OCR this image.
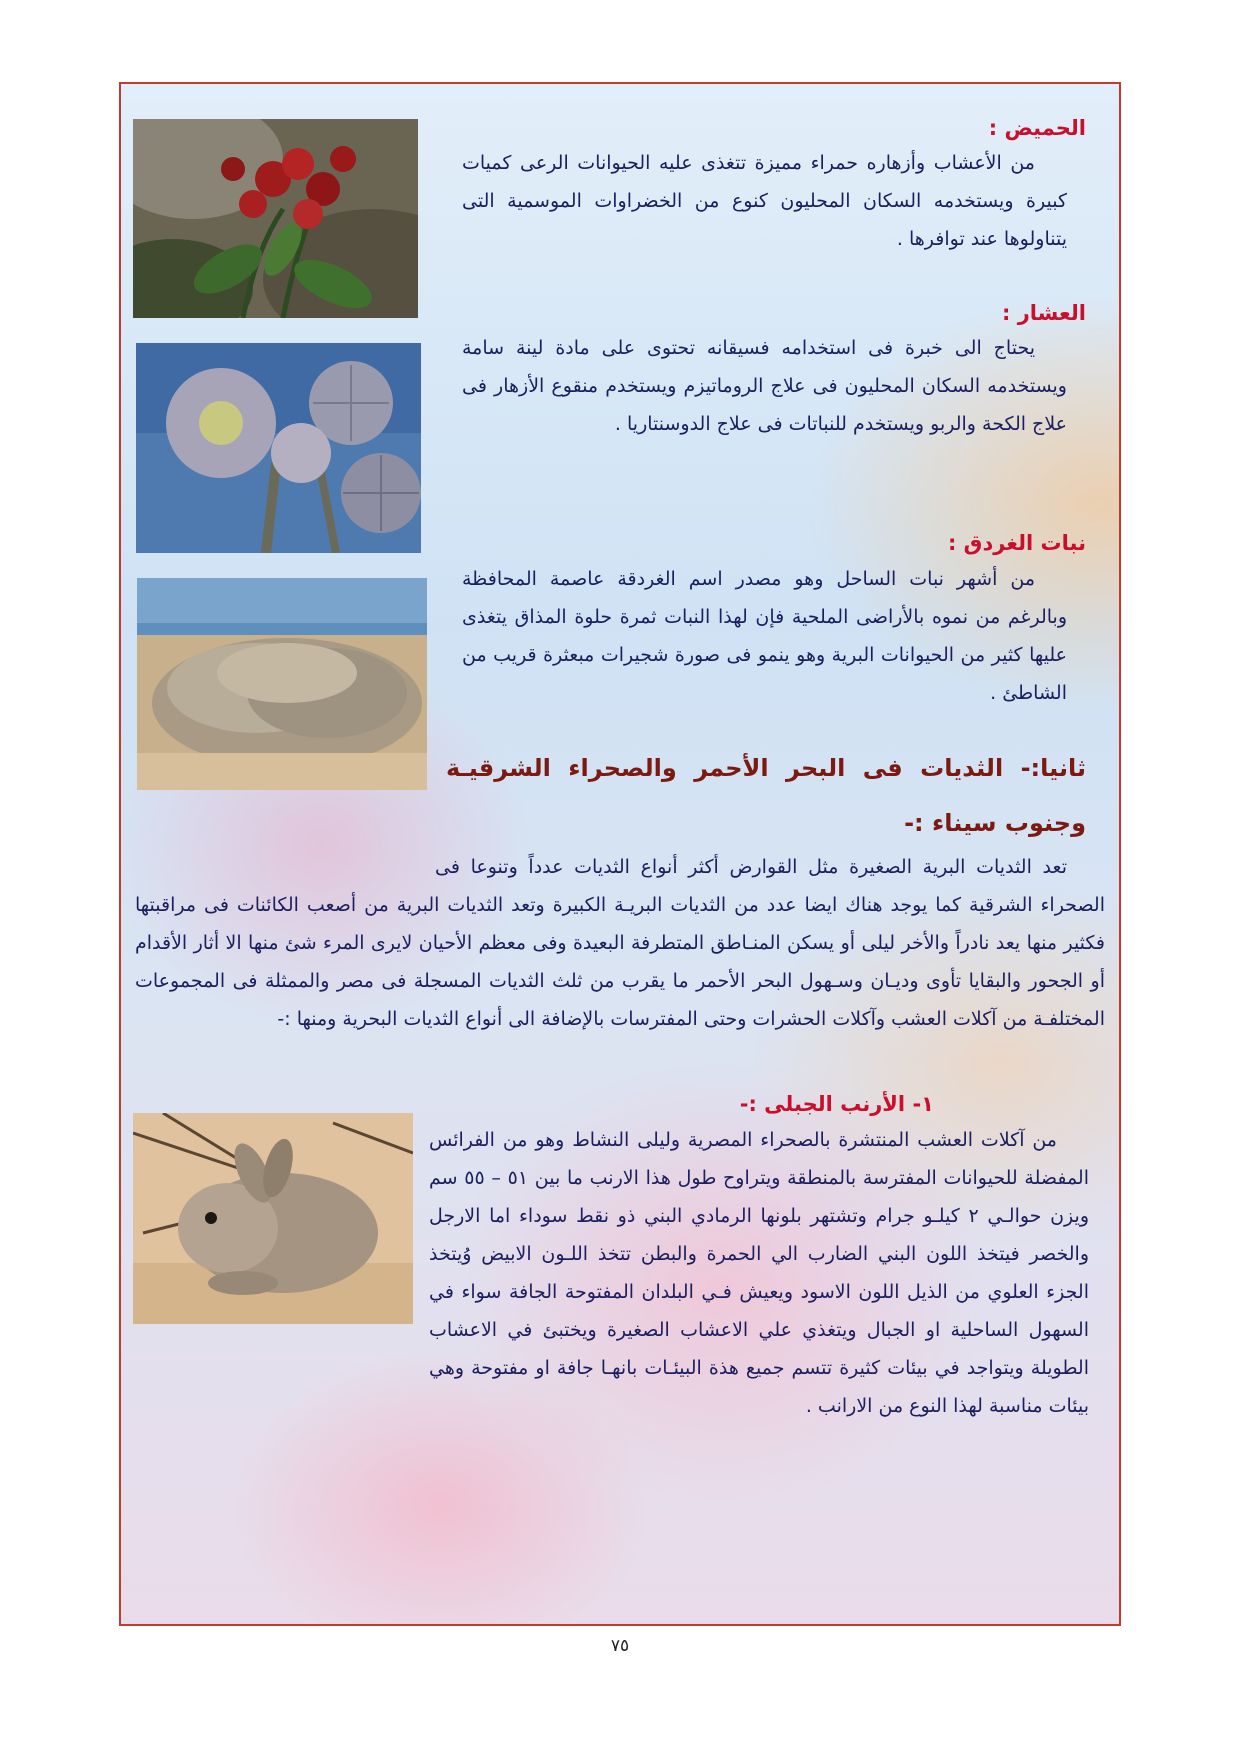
الحميض :

من الأعشاب وأزهاره حمراء مميزة تتغذى عليه الحيوانات الرعى كميات كبيرة ويستخدمه السكان المحليون كنوع من الخضراوات الموسمية التى يتناولوها عند توافرها .

العشار :

يحتاج الى خبرة فى استخدامه فسيقانه تحتوى على مادة لينة سامة ويستخدمه السكان المحليون فى علاج الروماتيزم ويستخدم منقوع الأزهار فى علاج الكحة والربو ويستخدم للنباتات فى علاج الدوسنتاريا .

نبات الغردق :

من أشهر نبات الساحل وهو مصدر اسم الغردقة عاصمة المحافظة وبالرغم من نموه بالأراضى الملحية فإن لهذا النبات ثمرة حلوة المذاق يتغذى عليها كثير من الحيوانات البرية وهو ينمو فى صورة شجيرات مبعثرة قريب من الشاطئ .

ثانيا:- الثديات فى البحر الأحمر والصحراء الشرقيـة

وجنوب سيناء :-

تعد الثديات البرية الصغيرة مثل القوارض أكثر أنواع الثديات عدداً وتنوعا فى الصحراء الشرقية كما يوجد هناك ايضا عدد من الثديات البريـة الكبيرة وتعد الثديات البرية من أصعب الكائنات فى مراقبتها فكثير منها يعد نادراً والأخر ليلى أو يسكن المنـاطق المتطرفة البعيدة وفى معظم الأحيان لايرى المرء شئ منها الا أثار الأقدام أو الجحور والبقايا تأوى وديـان وسـهول البحر الأحمر ما يقرب من ثلث الثديات المسجلة فى مصر والممثلة فى المجموعات المختلفـة من آكلات العشب وآكلات الحشرات وحتى المفترسات بالإضافة الى أنواع الثديات البحرية ومنها :-

١- الأرنب الجبلى :-

من آكلات العشب المنتشرة بالصحراء المصرية وليلى النشاط وهو من الفرائس المفضلة للحيوانات المفترسة بالمنطقة ويتراوح طول هذا الارنب ما بين ٥١ – ٥٥ سم ويزن حوالـي ٢ كيلـو جرام وتشتهر بلونها الرمادي البني ذو نقط سوداء اما الارجل والخصر فيتخذ اللون البني الضارب الي الحمرة والبطن تتخذ اللـون الابيض وُيتخذ الجزء العلوي من الذيل اللون الاسود ويعيش فـي البلدان المفتوحة الجافة سواء في السهول الساحلية او الجبال ويتغذي علي الاعشاب الصغيرة ويختبئ في الاعشاب الطويلة ويتواجد في بيئات كثيرة تتسم جميع هذة البيئـات بانهـا جافة او مفتوحة وهي بيئات مناسبة لهذا النوع من الارانب .

٧٥
